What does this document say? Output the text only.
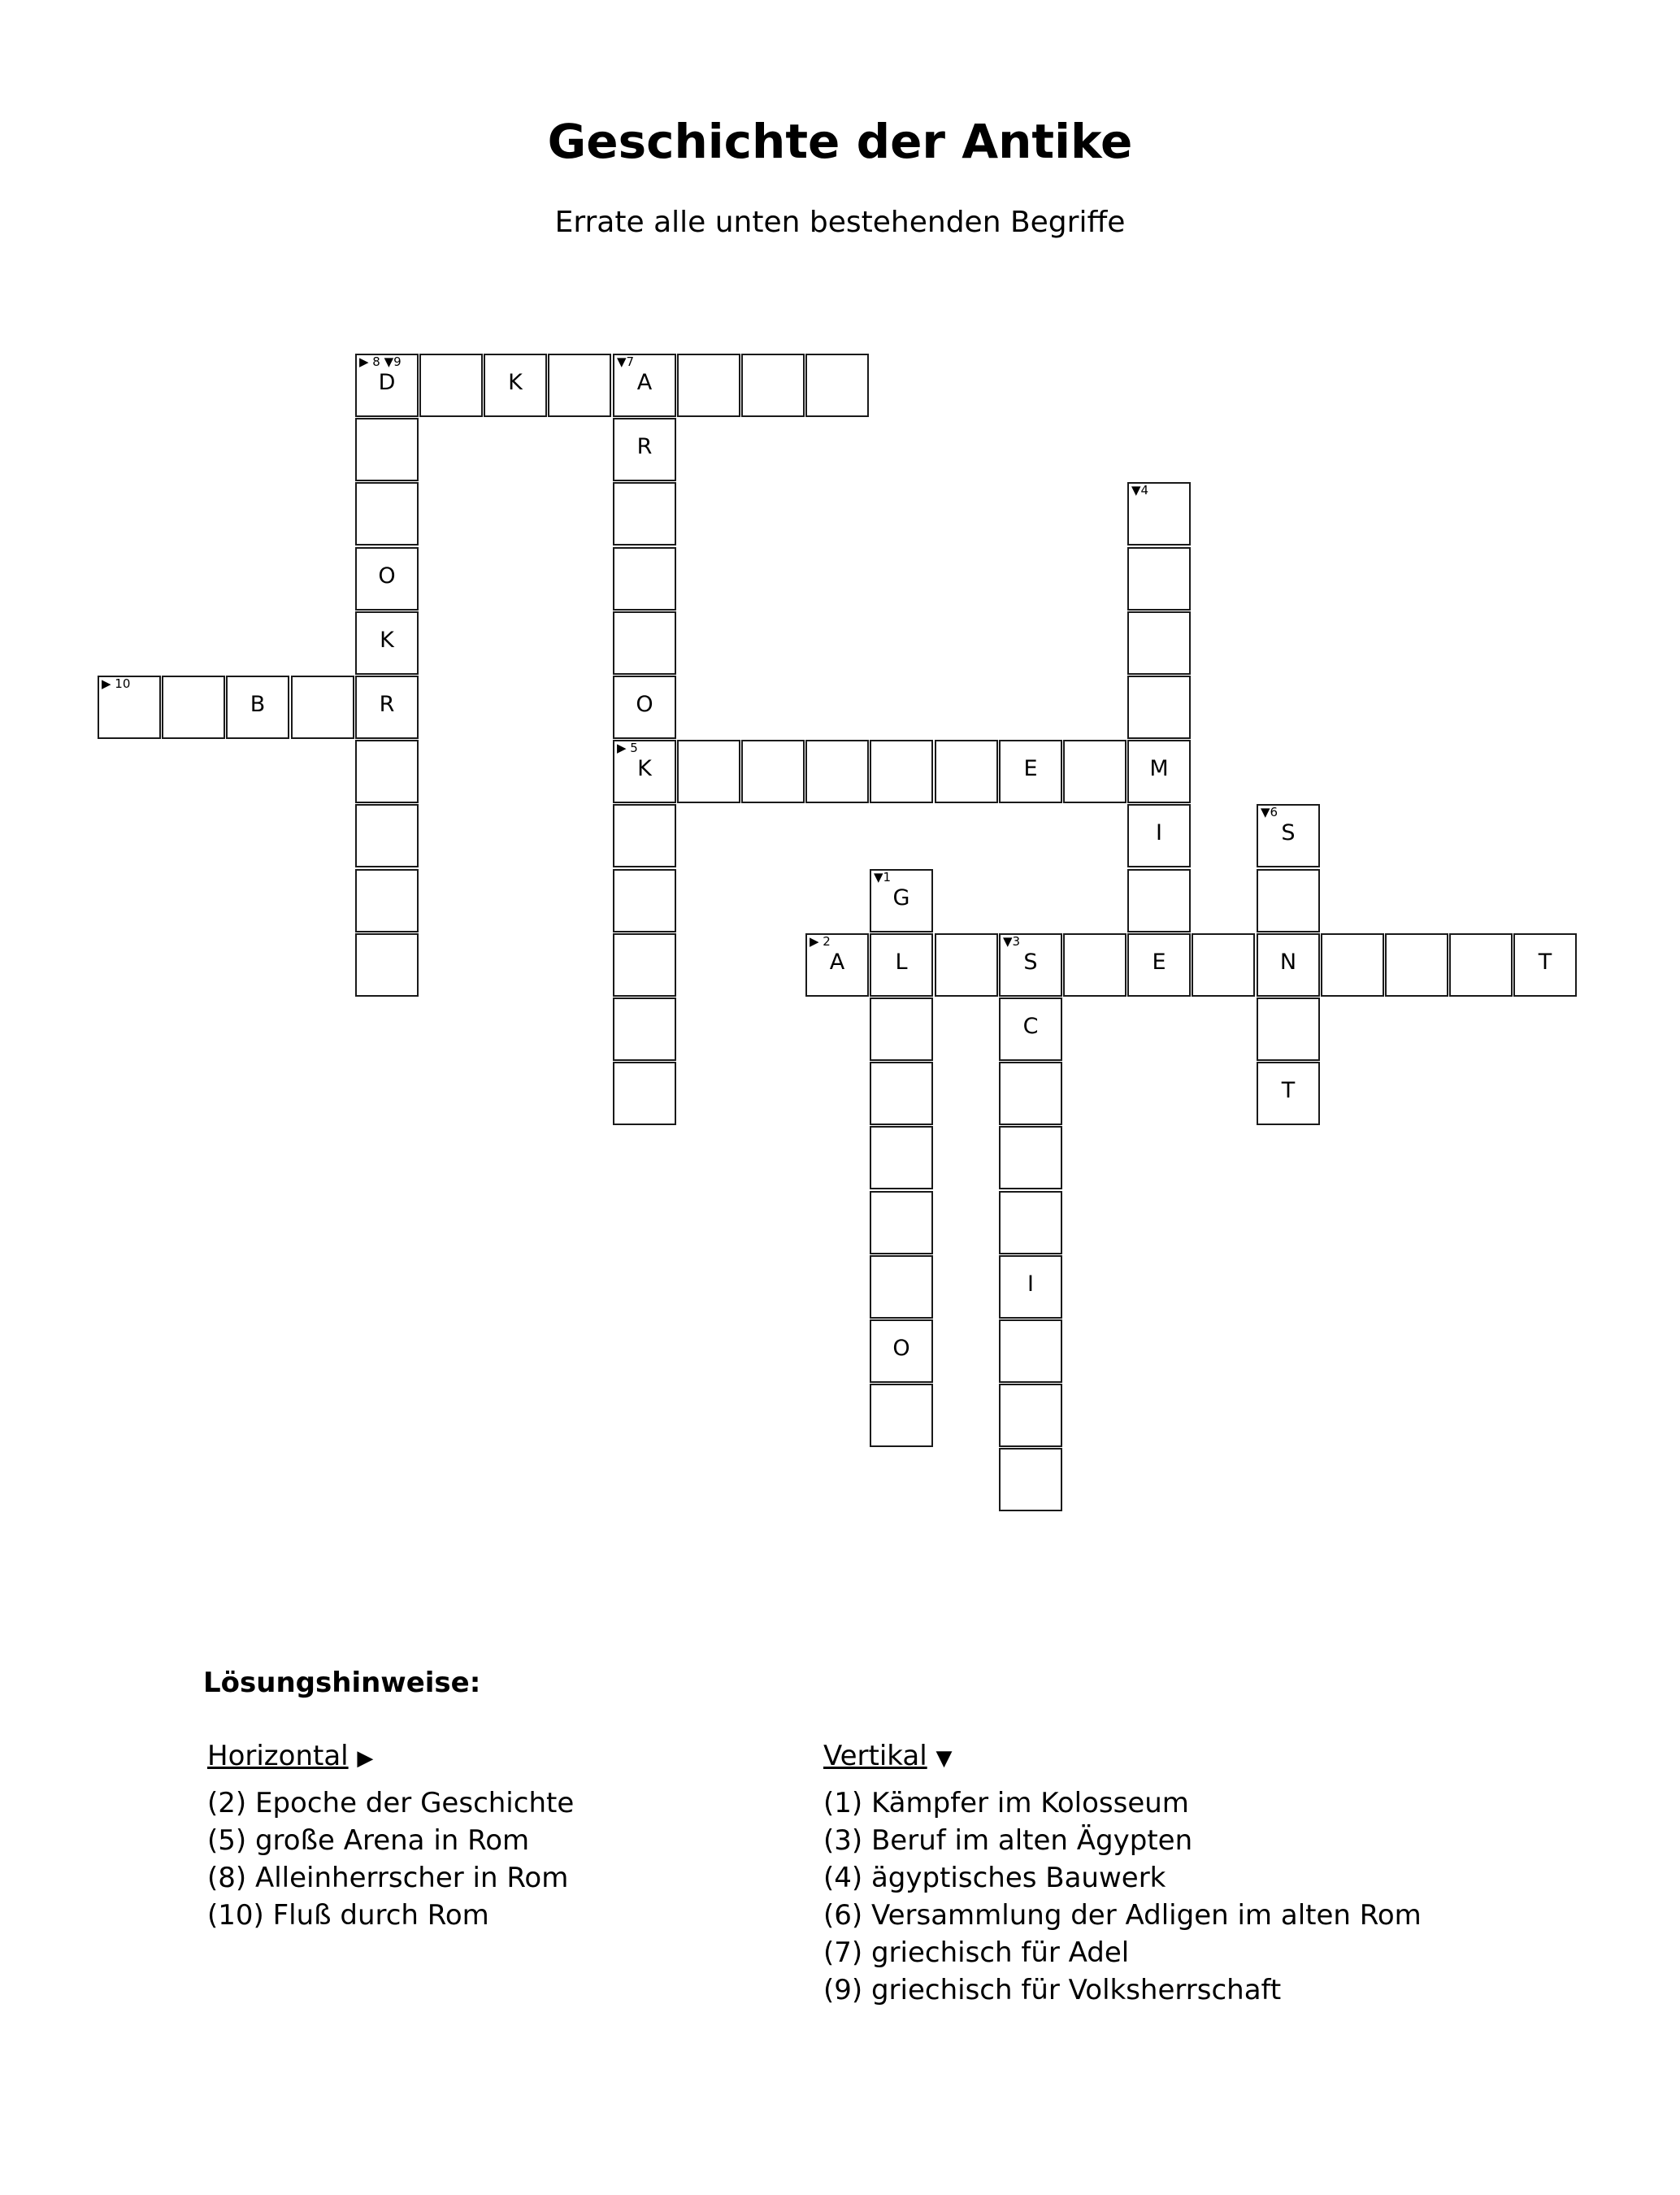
Geschichte der Antike

Errate alle unten bestehenden Begriffe

▶ 8 ▼9
D	K
▼7
A
R
▼4
O
K
▶ 10
B	R	O
▶ 5
K	E	M
I
▼6
S
▼1
G
▶ 2
A	L
▼3
S	E	N	T
C
T
I
O
Lösungshinweise:
Horizontal ▶
(2) Epoche der Geschichte
(5) große Arena in Rom
(8) Alleinherrscher in Rom
(10) Fluß durch Rom
Vertikal ▼
(1) Kämpfer im Kolosseum
(3) Beruf im alten Ägypten
(4) ägyptisches Bauwerk
(6) Versammlung der Adligen im alten Rom
(7) griechisch für Adel
(9) griechisch für Volksherrschaft
